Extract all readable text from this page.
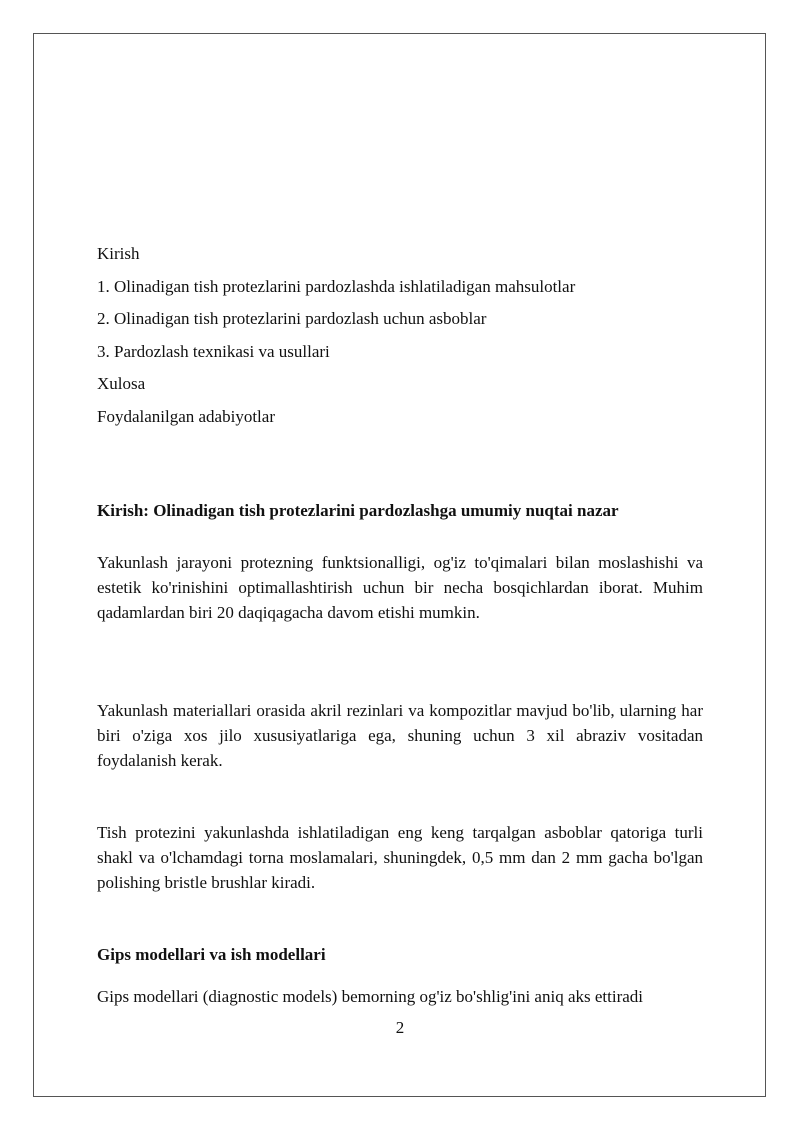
Kirish
1. Olinadigan tish protezlarini pardozlashda ishlatiladigan mahsulotlar
2. Olinadigan tish protezlarini pardozlash uchun asboblar
3. Pardozlash texnikasi va usullari
Xulosa
Foydalanilgan adabiyotlar
Kirish: Olinadigan tish protezlarini pardozlashga umumiy nuqtai nazar
Yakunlash jarayoni protezning funktsionalligi, og'iz to'qimalari bilan moslashishi va estetik ko'rinishini optimallashtirish uchun bir necha bosqichlardan iborat. Muhim qadamlardan biri 20 daqiqagacha davom etishi mumkin.
Yakunlash materiallari orasida akril rezinlari va kompozitlar mavjud bo'lib, ularning har biri o'ziga xos jilo xususiyatlariga ega, shuning uchun 3 xil abraziv vositadan foydalanish kerak.
Tish protezini yakunlashda ishlatiladigan eng keng tarqalgan asboblar qatoriga turli shakl va o'lchamdagi torna moslamalari, shuningdek, 0,5 mm dan 2 mm gacha bo'lgan polishing bristle brushlar kiradi.
Gips modellari va ish modellari
Gips modellari (diagnostic models) bemorning og'iz bo'shlig'ini aniq aks ettiradi
2
